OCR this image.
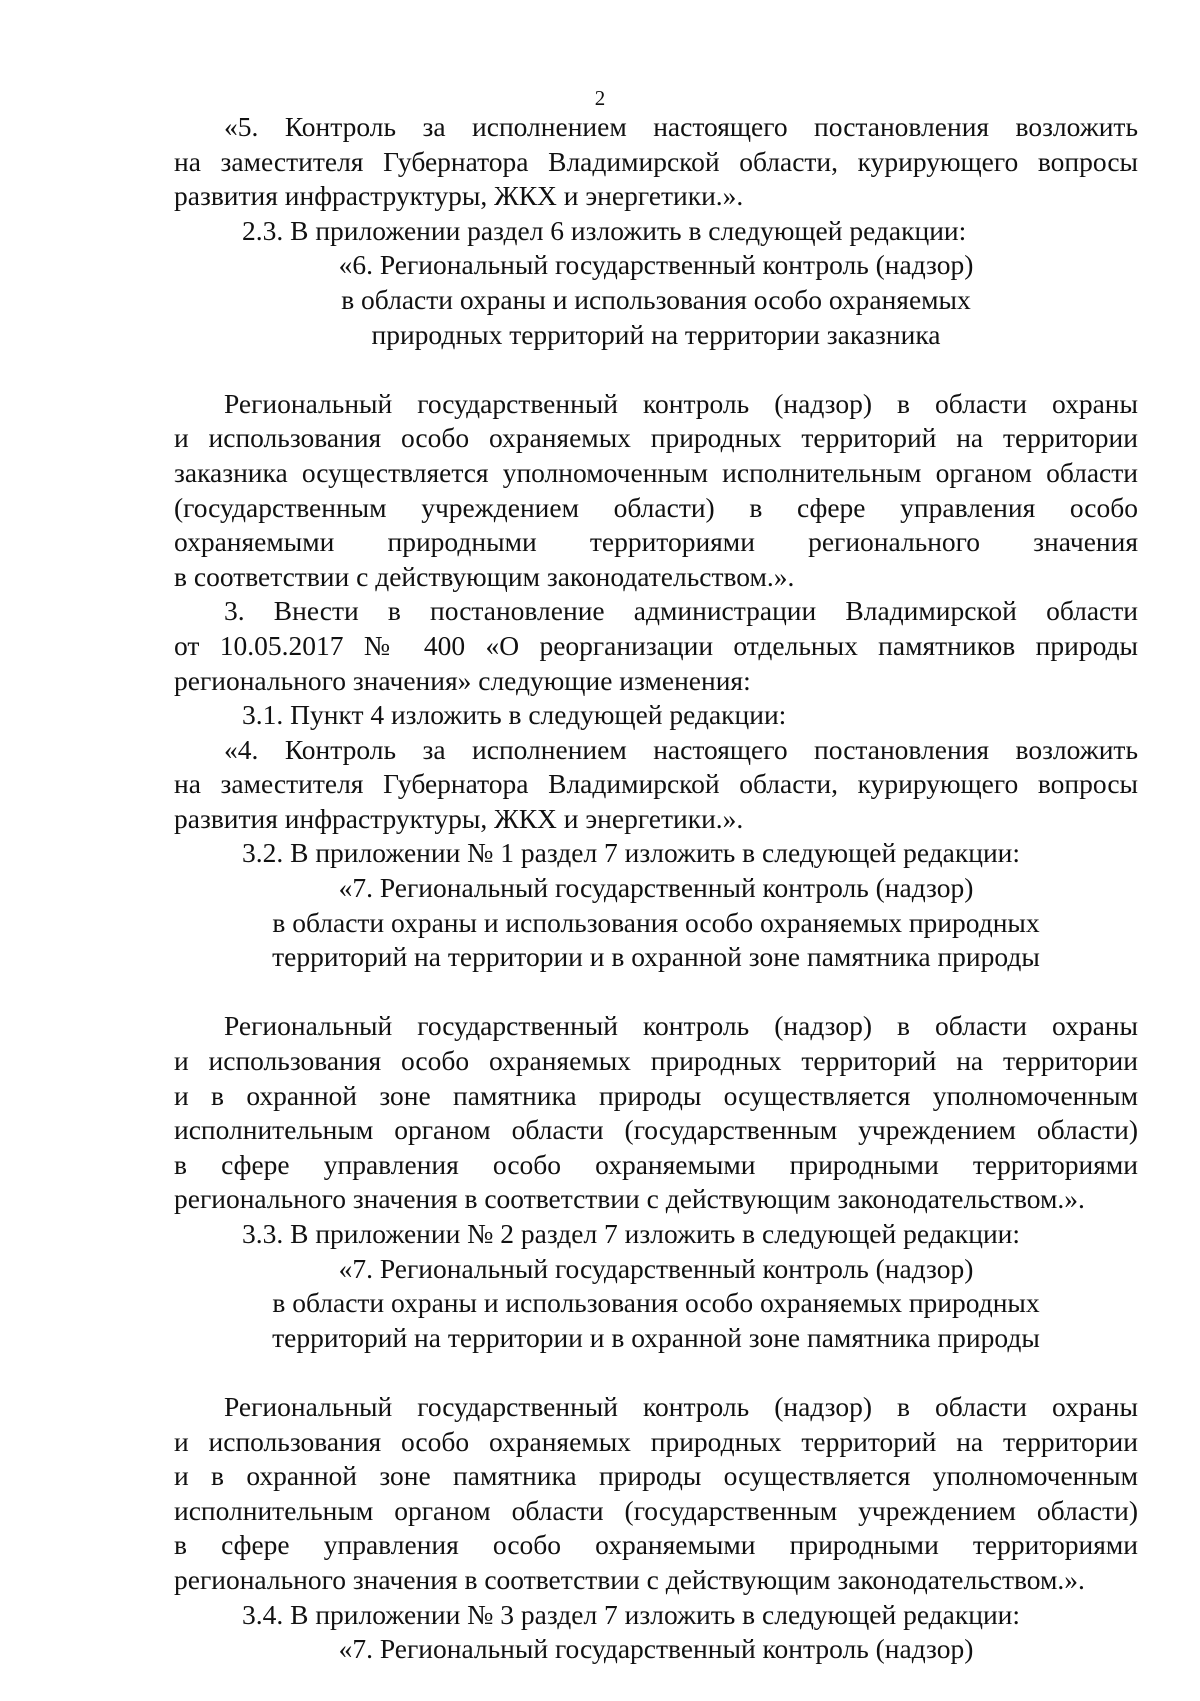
2
«5. Контроль за исполнением настоящего постановления возложить
на заместителя Губернатора Владимирской области, курирующего вопросы
развития инфраструктуры, ЖКХ и энергетики.».
2.3. В приложении раздел 6 изложить в следующей редакции:
«6. Региональный государственный контроль (надзор)
в области охраны и использования особо охраняемых
природных территорий на территории заказника
Региональный государственный контроль (надзор) в области охраны
и использования особо охраняемых природных территорий на территории
заказника осуществляется уполномоченным исполнительным органом области
(государственным учреждением области) в сфере управления особо
охраняемыми природными территориями регионального значения
в соответствии с действующим законодательством.».
3. Внести в постановление администрации Владимирской области
от 10.05.2017 № 400 «О реорганизации отдельных памятников природы
регионального значения» следующие изменения:
3.1. Пункт 4 изложить в следующей редакции:
«4. Контроль за исполнением настоящего постановления возложить
на заместителя Губернатора Владимирской области, курирующего вопросы
развития инфраструктуры, ЖКХ и энергетики.».
3.2. В приложении № 1 раздел 7 изложить в следующей редакции:
«7. Региональный государственный контроль (надзор)
в области охраны и использования особо охраняемых природных
территорий на территории и в охранной зоне памятника природы
Региональный государственный контроль (надзор) в области охраны
и использования особо охраняемых природных территорий на территории
и в охранной зоне памятника природы осуществляется уполномоченным
исполнительным органом области (государственным учреждением области)
в сфере управления особо охраняемыми природными территориями
регионального значения в соответствии с действующим законодательством.».
3.3. В приложении № 2 раздел 7 изложить в следующей редакции:
«7. Региональный государственный контроль (надзор)
в области охраны и использования особо охраняемых природных
территорий на территории и в охранной зоне памятника природы
Региональный государственный контроль (надзор) в области охраны
и использования особо охраняемых природных территорий на территории
и в охранной зоне памятника природы осуществляется уполномоченным
исполнительным органом области (государственным учреждением области)
в сфере управления особо охраняемыми природными территориями
регионального значения в соответствии с действующим законодательством.».
3.4. В приложении № 3 раздел 7 изложить в следующей редакции:
«7. Региональный государственный контроль (надзор)
